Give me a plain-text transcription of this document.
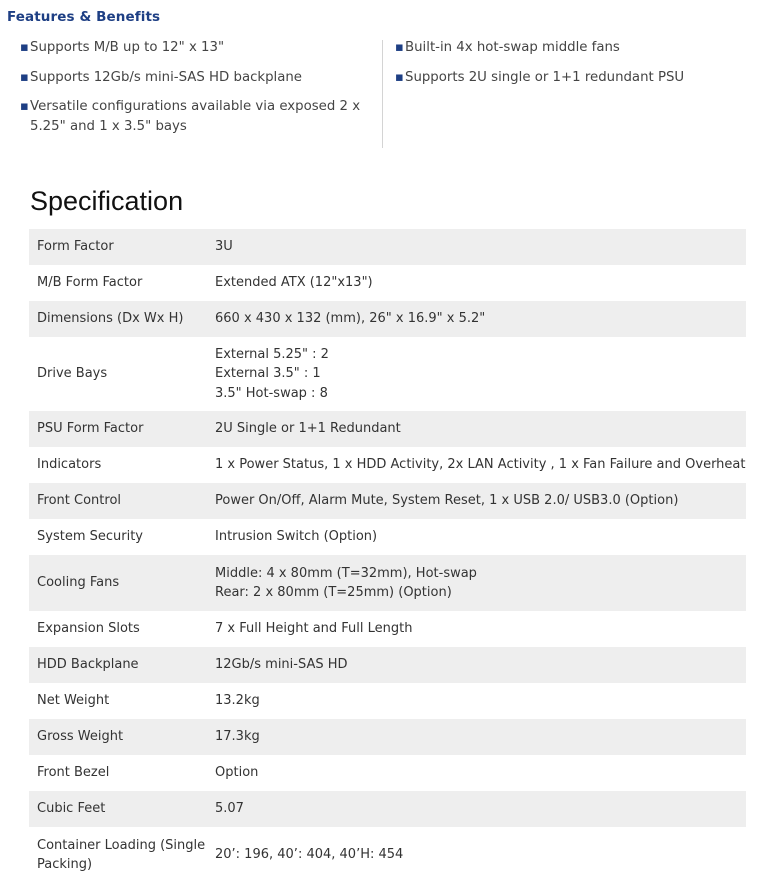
Features & Benefits
▪ Supports M/B up to 12" x 13"
▪ Supports 12Gb/s mini-SAS HD backplane
▪ Versatile configurations available via exposed 2 x 5.25" and 1 x 3.5" bays
▪ Built-in 4x hot-swap middle fans
▪ Supports 2U single or 1+1 redundant PSU
Specification
Form Factor	3U

M/B Form Factor	Extended ATX (12"x13")

Dimensions (Dx Wx H)	660 x 430 x 132 (mm), 26" x 16.9" x 5.2"

Drive Bays	External 5.25" : 2
External 3.5" : 1
3.5" Hot-swap : 8

PSU Form Factor	2U Single or 1+1 Redundant

Indicators	1 x Power Status, 1 x HDD Activity, 2x LAN Activity , 1 x Fan Failure and Overheat

Front Control	Power On/Off, Alarm Mute, System Reset, 1 x USB 2.0/ USB3.0 (Option)

System Security	Intrusion Switch (Option)

Cooling Fans	Middle: 4 x 80mm (T=32mm), Hot-swap
Rear: 2 x 80mm (T=25mm) (Option)

Expansion Slots	7 x Full Height and Full Length

HDD Backplane	12Gb/s mini-SAS HD

Net Weight	13.2kg

Gross Weight	17.3kg

Front Bezel	Option

Cubic Feet	5.07

Container Loading (Single Packing)	20’: 196, 40’: 404, 40’H: 454
